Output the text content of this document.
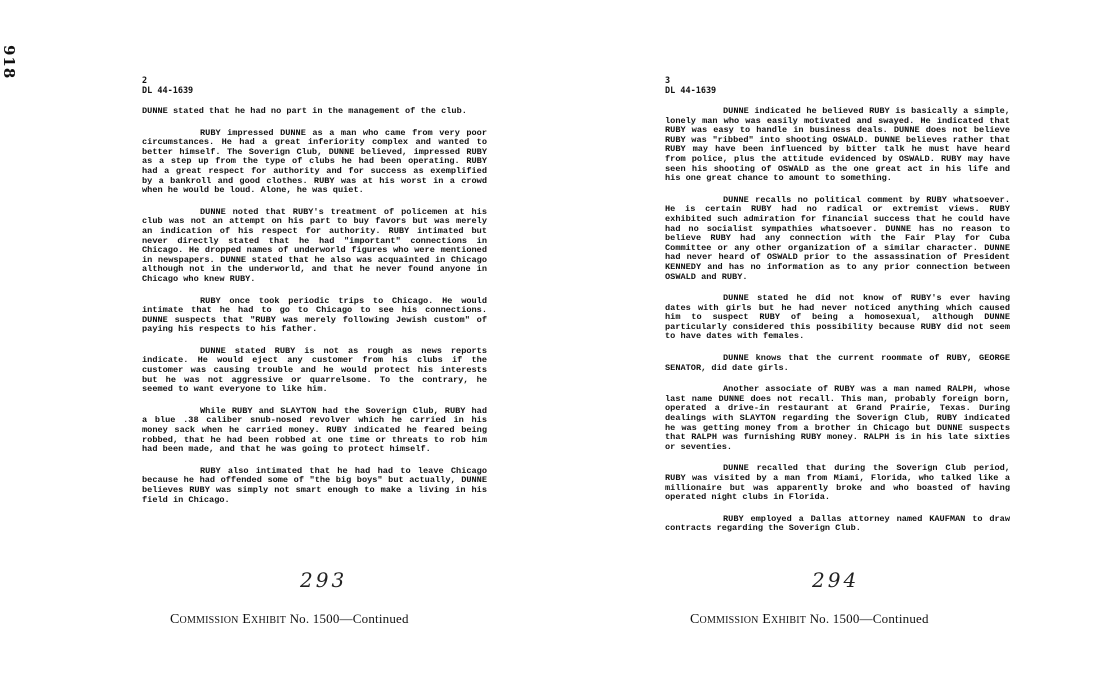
918
2
DL 44-1639

DUNNE stated that he had no part in the management of the club.

RUBY impressed DUNNE as a man who came from very poor circumstances. He had a great inferiority complex and wanted to better himself. The Soverign Club, DUNNE believed, impressed RUBY as a step up from the type of clubs he had been operating. RUBY had a great respect for authority and for success as exemplified by a bankroll and good clothes. RUBY was at his worst in a crowd when he would be loud. Alone, he was quiet.

DUNNE noted that RUBY's treatment of policemen at his club was not an attempt on his part to buy favors but was merely an indication of his respect for authority. RUBY intimated but never directly stated that he had "important" connections in Chicago. He dropped names of underworld figures who were mentioned in newspapers. DUNNE stated that he also was acquainted in Chicago although not in the underworld, and that he never found anyone in Chicago who knew RUBY.

RUBY once took periodic trips to Chicago. He would intimate that he had to go to Chicago to see his connections. DUNNE suspects that "RUBY was merely following Jewish custom" of paying his respects to his father.

DUNNE stated RUBY is not as rough as news reports indicate. He would eject any customer from his clubs if the customer was causing trouble and he would protect his interests but he was not aggressive or quarrelsome. To the contrary, he seemed to want everyone to like him.

While RUBY and SLAYTON had the Soverign Club, RUBY had a blue .38 caliber snub-nosed revolver which he carried in his money sack when he carried money. RUBY indicated he feared being robbed, that he had been robbed at one time or threats to rob him had been made, and that he was going to protect himself.

RUBY also intimated that he had had to leave Chicago because he had offended some of "the big boys" but actually, DUNNE believes RUBY was simply not smart enough to make a living in his field in Chicago.

3
DL 44-1639

DUNNE indicated he believed RUBY is basically a simple, lonely man who was easily motivated and swayed. He indicated that RUBY was easy to handle in business deals. DUNNE does not believe RUBY was "ribbed" into shooting OSWALD. DUNNE believes rather that RUBY may have been influenced by bitter talk he must have heard from police, plus the attitude evidenced by OSWALD. RUBY may have seen his shooting of OSWALD as the one great act in his life and his one great chance to amount to something.

DUNNE recalls no political comment by RUBY whatsoever. He is certain RUBY had no radical or extremist views. RUBY exhibited such admiration for financial success that he could have had no socialist sympathies whatsoever. DUNNE has no reason to believe RUBY had any connection with the Fair Play for Cuba Committee or any other organization of a similar character. DUNNE had never heard of OSWALD prior to the assassination of President KENNEDY and has no information as to any prior connection between OSWALD and RUBY.

DUNNE stated he did not know of RUBY's ever having dates with girls but he had never noticed anything which caused him to suspect RUBY of being a homosexual, although DUNNE particularly considered this possibility because RUBY did not seem to have dates with females.

DUNNE knows that the current roommate of RUBY, GEORGE SENATOR, did date girls.

Another associate of RUBY was a man named RALPH, whose last name DUNNE does not recall. This man, probably foreign born, operated a drive-in restaurant at Grand Prairie, Texas. During dealings with SLAYTON regarding the Soverign Club, RUBY indicated he was getting money from a brother in Chicago but DUNNE suspects that RALPH was furnishing RUBY money. RALPH is in his late sixties or seventies.

DUNNE recalled that during the Soverign Club period, RUBY was visited by a man from Miami, Florida, who talked like a millionaire but was apparently broke and who boasted of having operated night clubs in Florida.

RUBY employed a Dallas attorney named KAUFMAN to draw contracts regarding the Soverign Club.

293	294
Commission Exhibit No. 1500—Continued	Commission Exhibit No. 1500—Continued
